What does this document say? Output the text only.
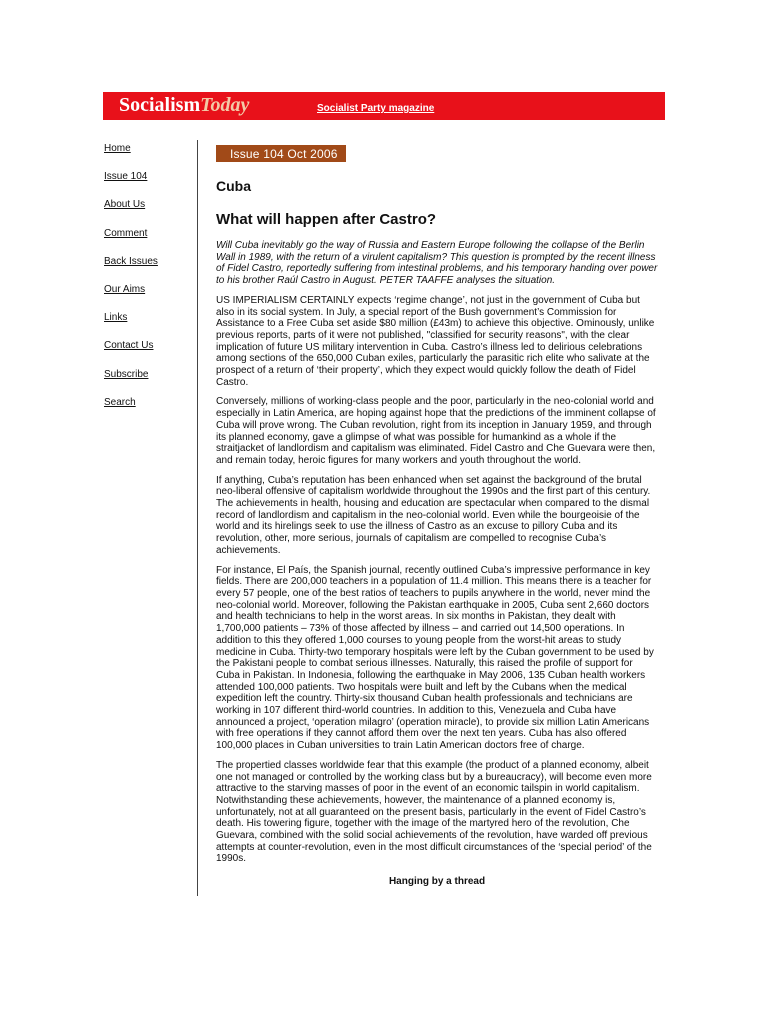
SocialismToday	Socialist Party magazine
Home
Issue 104
About Us
Comment
Back Issues
Our Aims
Links
Contact Us
Subscribe
Search
Issue 104 Oct 2006
Cuba
What will happen after Castro?

Will Cuba inevitably go the way of Russia and Eastern Europe following the collapse of the Berlin Wall in 1989, with the return of a virulent capitalism? This question is prompted by the recent illness of Fidel Castro, reportedly suffering from intestinal problems, and his temporary handing over power to his brother Raúl Castro in August. PETER TAAFFE analyses the situation.

US IMPERIALISM CERTAINLY expects ‘regime change’, not just in the government of Cuba but also in its social system. In July, a special report of the Bush government’s Commission for Assistance to a Free Cuba set aside $80 million (£43m) to achieve this objective. Ominously, unlike previous reports, parts of it were not published, "classified for security reasons", with the clear implication of future US military intervention in Cuba. Castro’s illness led to delirious celebrations among sections of the 650,000 Cuban exiles, particularly the parasitic rich elite who salivate at the prospect of a return of ‘their property’, which they expect would quickly follow the death of Fidel Castro.

Conversely, millions of working-class people and the poor, particularly in the neo-colonial world and especially in Latin America, are hoping against hope that the predictions of the imminent collapse of Cuba will prove wrong. The Cuban revolution, right from its inception in January 1959, and through its planned economy, gave a glimpse of what was possible for humankind as a whole if the straitjacket of landlordism and capitalism was eliminated. Fidel Castro and Che Guevara were then, and remain today, heroic figures for many workers and youth throughout the world.

If anything, Cuba’s reputation has been enhanced when set against the background of the brutal neo-liberal offensive of capitalism worldwide throughout the 1990s and the first part of this century. The achievements in health, housing and education are spectacular when compared to the dismal record of landlordism and capitalism in the neo-colonial world. Even while the bourgeoisie of the world and its hirelings seek to use the illness of Castro as an excuse to pillory Cuba and its revolution, other, more serious, journals of capitalism are compelled to recognise Cuba’s achievements.

For instance, El País, the Spanish journal, recently outlined Cuba’s impressive performance in key fields. There are 200,000 teachers in a population of 11.4 million. This means there is a teacher for every 57 people, one of the best ratios of teachers to pupils anywhere in the world, never mind the neo-colonial world. Moreover, following the Pakistan earthquake in 2005, Cuba sent 2,660 doctors and health technicians to help in the worst areas. In six months in Pakistan, they dealt with 1,700,000 patients – 73% of those affected by illness – and carried out 14,500 operations. In addition to this they offered 1,000 courses to young people from the worst-hit areas to study medicine in Cuba. Thirty-two temporary hospitals were left by the Cuban government to be used by the Pakistani people to combat serious illnesses. Naturally, this raised the profile of support for Cuba in Pakistan. In Indonesia, following the earthquake in May 2006, 135 Cuban health workers attended 100,000 patients. Two hospitals were built and left by the Cubans when the medical expedition left the country. Thirty-six thousand Cuban health professionals and technicians are working in 107 different third-world countries. In addition to this, Venezuela and Cuba have announced a project, ‘operation milagro’ (operation miracle), to provide six million Latin Americans with free operations if they cannot afford them over the next ten years. Cuba has also offered 100,000 places in Cuban universities to train Latin American doctors free of charge.

The propertied classes worldwide fear that this example (the product of a planned economy, albeit one not managed or controlled by the working class but by a bureaucracy), will become even more attractive to the starving masses of poor in the event of an economic tailspin in world capitalism. Notwithstanding these achievements, however, the maintenance of a planned economy is, unfortunately, not at all guaranteed on the present basis, particularly in the event of Fidel Castro’s death. His towering figure, together with the image of the martyred hero of the revolution, Che Guevara, combined with the solid social achievements of the revolution, have warded off previous attempts at counter-revolution, even in the most difficult circumstances of the ‘special period’ of the 1990s.

Hanging by a thread
